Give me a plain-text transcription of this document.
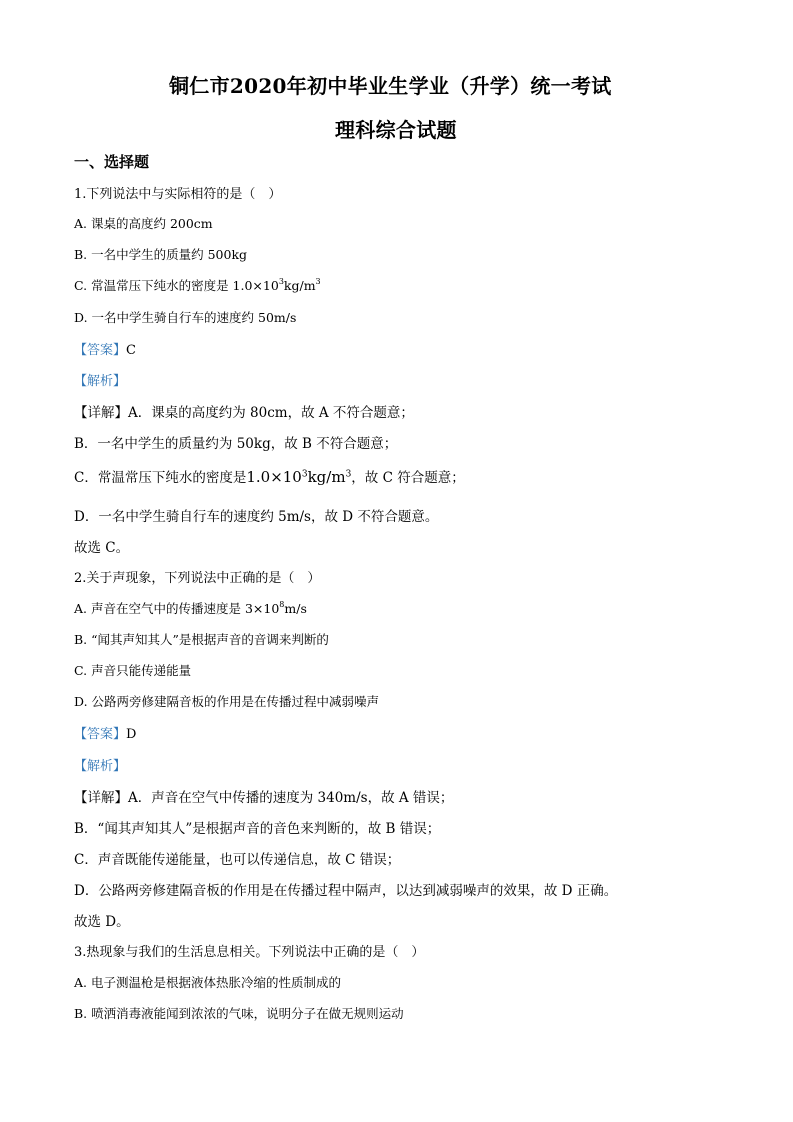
铜仁市2020年初中毕业生学业（升学）统一考试
理科综合试题
一、选择题
1.下列说法中与实际相符的是（　）
A. 课桌的高度约 200cm
B. 一名中学生的质量约 500kg
C. 常温常压下纯水的密度是 $1.0\times 10^3kg/m^3$
D. 一名中学生骑自行车的速度约 50m/s
【答案】C
【解析】
【详解】A．课桌的高度约为 80cm，故 A 不符合题意；
B．一名中学生的质量约为 50kg，故 B 不符合题意；
C．常温常压下纯水的密度是$1.0\times 10^3kg/m^3$，故 C 符合题意；
D．一名中学生骑自行车的速度约 5m/s，故 D 不符合题意。
故选 C。
2.关于声现象，下列说法中正确的是（　）
A. 声音在空气中的传播速度是 $3\times 10^8m/s$
B. “闻其声知其人”是根据声音的音调来判断的
C. 声音只能传递能量
D. 公路两旁修建隔音板的作用是在传播过程中减弱噪声
【答案】D
【解析】
【详解】A．声音在空气中传播的速度为 340m/s，故 A 错误；
B．“闻其声知其人”是根据声音的音色来判断的，故 B 错误；
C．声音既能传递能量，也可以传递信息，故 C 错误；
D．公路两旁修建隔音板的作用是在传播过程中隔声，以达到减弱噪声的效果，故 D 正确。
故选 D。
3.热现象与我们的生活息息相关。下列说法中正确的是（　）
A. 电子测温枪是根据液体热胀冷缩的性质制成的
B. 喷洒消毒液能闻到浓浓的气味，说明分子在做无规则运动
